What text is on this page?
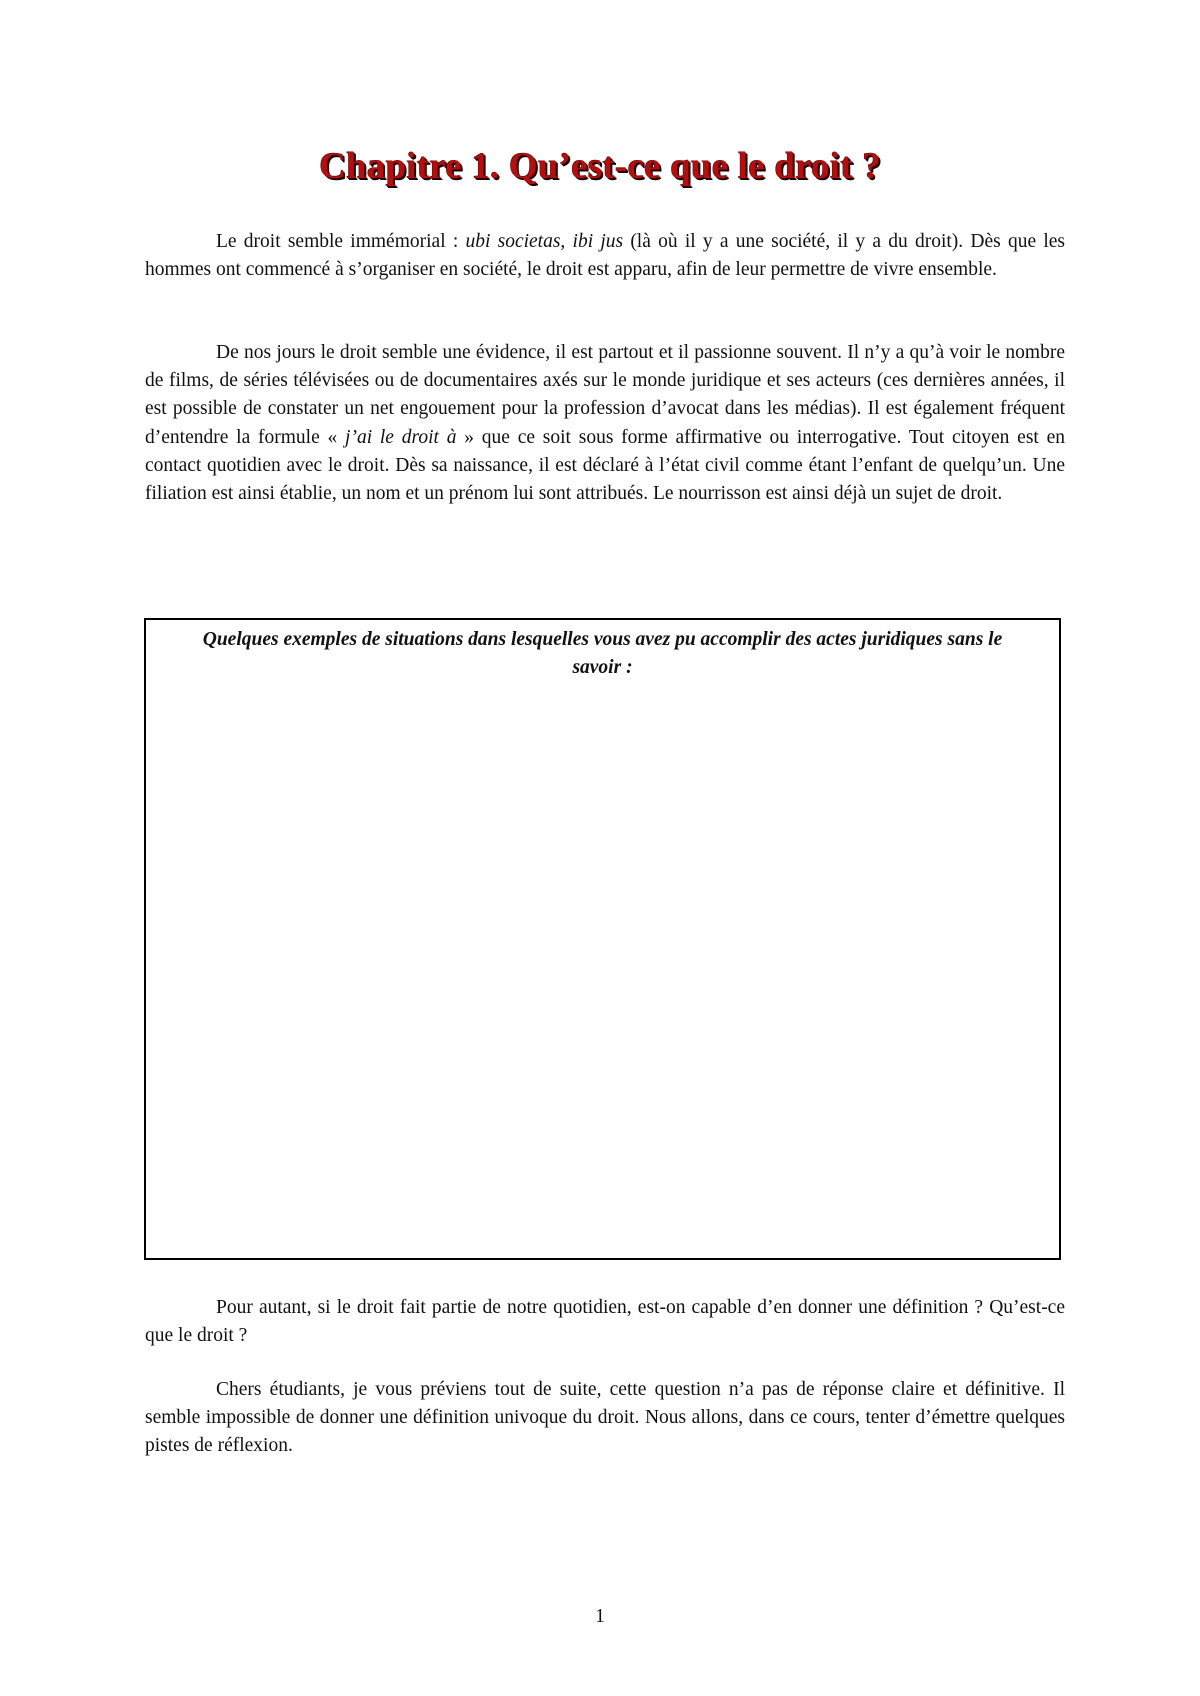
Chapitre 1. Qu’est-ce que le droit ?

Le droit semble immémorial : ubi societas, ibi jus (là où il y a une société, il y a du droit). Dès que les hommes ont commencé à s’organiser en société, le droit est apparu, afin de leur permettre de vivre ensemble.

De nos jours le droit semble une évidence, il est partout et il passionne souvent. Il n’y a qu’à voir le nombre de films, de séries télévisées ou de documentaires axés sur le monde juridique et ses acteurs (ces dernières années, il est possible de constater un net engouement pour la profession d’avocat dans les médias). Il est également fréquent d’entendre la formule « j’ai le droit à » que ce soit sous forme affirmative ou interrogative. Tout citoyen est en contact quotidien avec le droit. Dès sa naissance, il est déclaré à l’état civil comme étant l’enfant de quelqu’un. Une filiation est ainsi établie, un nom et un prénom lui sont attribués. Le nourrisson est ainsi déjà un sujet de droit.

Quelques exemples de situations dans lesquelles vous avez pu accomplir des actes juridiques sans le savoir :

Pour autant, si le droit fait partie de notre quotidien, est-on capable d’en donner une définition ? Qu’est-ce que le droit ?

Chers étudiants, je vous préviens tout de suite, cette question n’a pas de réponse claire et définitive. Il semble impossible de donner une définition univoque du droit. Nous allons, dans ce cours, tenter d’émettre quelques pistes de réflexion.

1
